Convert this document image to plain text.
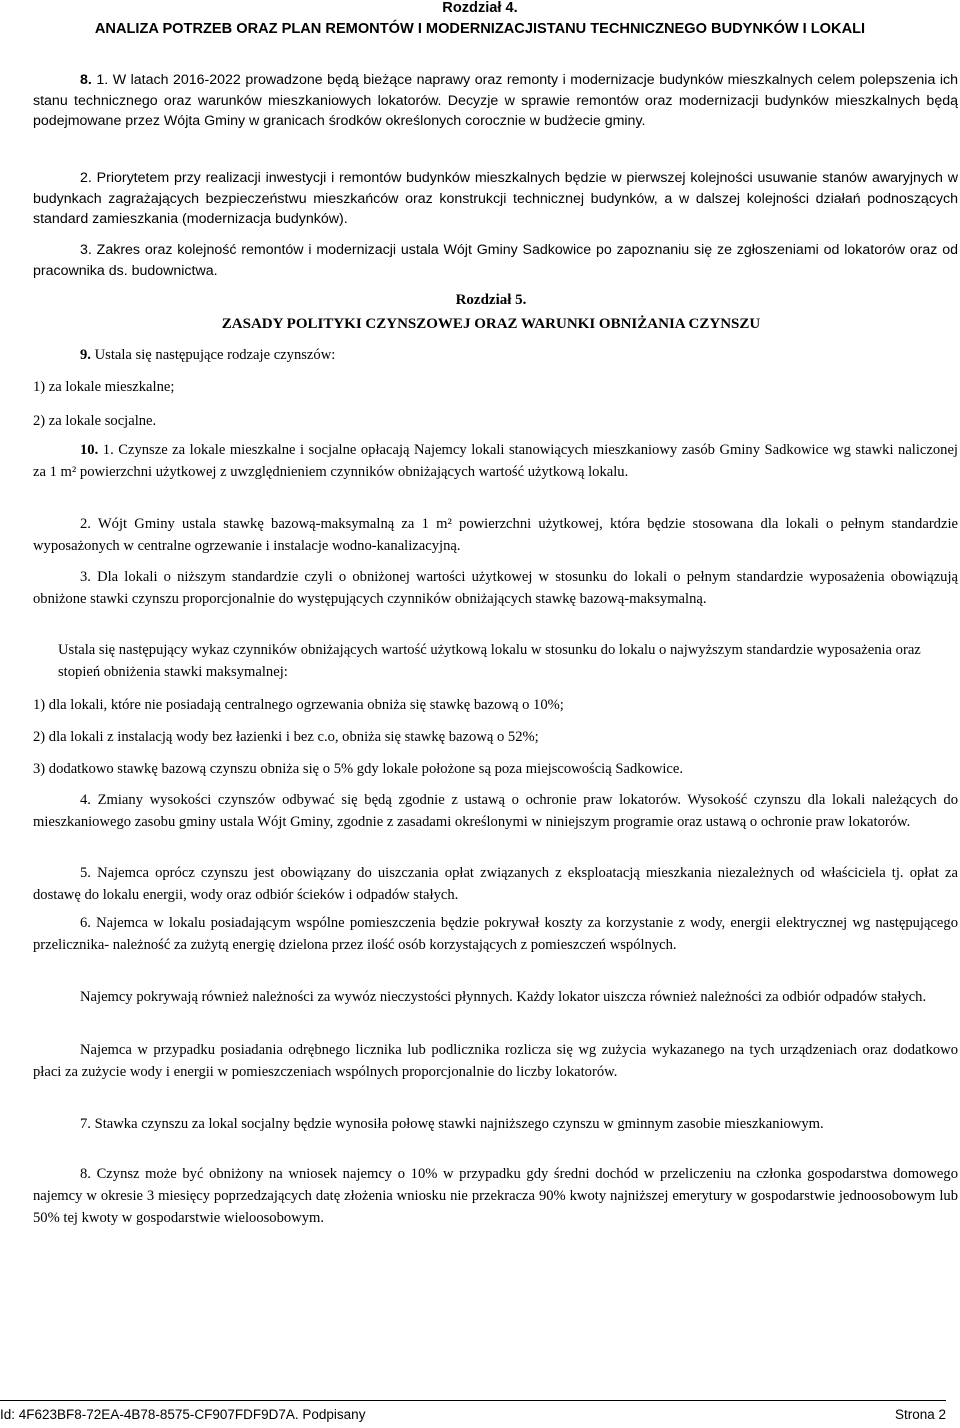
Rozdział 4.
ANALIZA POTRZEB ORAZ PLAN REMONTÓW I MODERNIZACJISTANU TECHNICZNEGO BUDYNKÓW I LOKALI

8. 1. W latach 2016-2022 prowadzone będą bieżące naprawy oraz remonty i modernizacje budynków mieszkalnych celem polepszenia ich stanu technicznego oraz warunków mieszkaniowych lokatorów. Decyzje w sprawie remontów oraz modernizacji budynków mieszkalnych będą podejmowane przez Wójta Gminy w granicach środków określonych corocznie w budżecie gminy.

2. Priorytetem przy realizacji inwestycji i remontów budynków mieszkalnych będzie w pierwszej kolejności usuwanie stanów awaryjnych w budynkach zagrażających bezpieczeństwu mieszkańców oraz konstrukcji technicznej budynków, a w dalszej kolejności działań podnoszących standard zamieszkania (modernizacja budynków).

3. Zakres oraz kolejność remontów i modernizacji ustala Wójt Gminy Sadkowice po zapoznaniu się ze zgłoszeniami od lokatorów oraz od pracownika ds. budownictwa.

Rozdział 5.
ZASADY POLITYKI CZYNSZOWEJ ORAZ WARUNKI OBNIŻANIA CZYNSZU

9. Ustala się następujące rodzaje czynszów:

1) za lokale mieszkalne;

2) za lokale socjalne.

10. 1. Czynsze za lokale mieszkalne i socjalne opłacają Najemcy lokali stanowiących mieszkaniowy zasób Gminy Sadkowice wg stawki naliczonej za 1 m² powierzchni użytkowej z uwzględnieniem czynników obniżających wartość użytkową lokalu.

2. Wójt Gminy ustala stawkę bazową-maksymalną za 1 m² powierzchni użytkowej, która będzie stosowana dla lokali o pełnym standardzie wyposażonych w centralne ogrzewanie i instalacje wodno-kanalizacyjną.

3. Dla lokali o niższym standardzie czyli o obniżonej wartości użytkowej w stosunku do lokali o pełnym standardzie wyposażenia obowiązują obniżone stawki czynszu proporcjonalnie do występujących czynników obniżających stawkę bazową-maksymalną.

Ustala się następujący wykaz czynników obniżających wartość użytkową lokalu w stosunku do lokalu o najwyższym standardzie wyposażenia oraz stopień obniżenia stawki maksymalnej:

1) dla lokali, które nie posiadają centralnego ogrzewania obniża się stawkę bazową o 10%;

2) dla lokali z instalacją wody bez łazienki i bez c.o, obniża się stawkę bazową o 52%;

3) dodatkowo stawkę bazową czynszu obniża się o 5% gdy lokale położone są poza miejscowością Sadkowice.

4. Zmiany wysokości czynszów odbywać się będą zgodnie z ustawą o ochronie praw lokatorów. Wysokość czynszu dla lokali należących do mieszkaniowego zasobu gminy ustala Wójt Gminy, zgodnie z zasadami określonymi w niniejszym programie oraz ustawą o ochronie praw lokatorów.

5. Najemca oprócz czynszu jest obowiązany do uiszczania opłat związanych z eksploatacją mieszkania niezależnych od właściciela tj. opłat za dostawę do lokalu energii, wody oraz odbiór ścieków i odpadów stałych.

6. Najemca w lokalu posiadającym wspólne pomieszczenia będzie pokrywał koszty za korzystanie z wody, energii elektrycznej wg następującego przelicznika- należność za zużytą energię dzielona przez ilość osób korzystających z pomieszczeń wspólnych.

Najemcy pokrywają również należności za wywóz nieczystości płynnych. Każdy lokator uiszcza również należności za odbiór odpadów stałych.

Najemca w przypadku posiadania odrębnego licznika lub podlicznika rozlicza się wg zużycia wykazanego na tych urządzeniach oraz dodatkowo płaci za zużycie wody i energii w pomieszczeniach wspólnych proporcjonalnie do liczby lokatorów.

7. Stawka czynszu za lokal socjalny będzie wynosiła połowę stawki najniższego czynszu w gminnym zasobie mieszkaniowym.

8. Czynsz może być obniżony na wniosek najemcy o 10% w przypadku gdy średni dochód w przeliczeniu na członka gospodarstwa domowego najemcy w okresie 3 miesięcy poprzedzających datę złożenia wniosku nie przekracza 90% kwoty najniższej emerytury w gospodarstwie jednoosobowym lub 50% tej kwoty w gospodarstwie wieloosobowym.

Id: 4F623BF8-72EA-4B78-8575-CF907FDF9D7A. Podpisany	Strona 2
